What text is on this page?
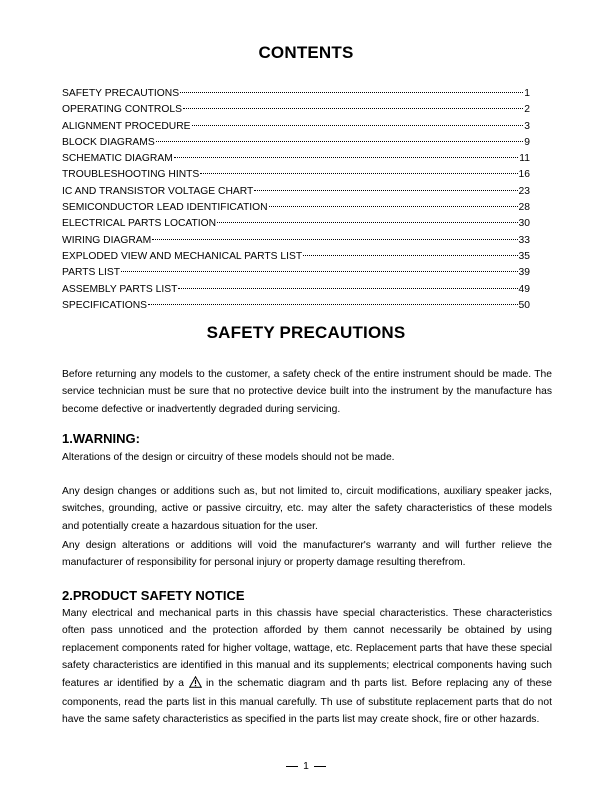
CONTENTS
SAFETY PRECAUTIONS	1
OPERATING CONTROLS	2
ALIGNMENT PROCEDURE	3
BLOCK DIAGRAMS	9
SCHEMATIC DIAGRAM	11
TROUBLESHOOTING HINTS	16
IC AND TRANSISTOR VOLTAGE CHART	23
SEMICONDUCTOR LEAD IDENTIFICATION	28
ELECTRICAL PARTS LOCATION	30
WIRING DIAGRAM	33
EXPLODED VIEW AND MECHANICAL PARTS LIST	35
PARTS LIST	39
ASSEMBLY PARTS LIST	49
SPECIFICATIONS	50
SAFETY PRECAUTIONS

Before returning any models to the customer, a safety check of the entire instrument should be made. The service technician must be sure that no protective device built into the instrument by the manufacture has become defective or inadvertently degraded during servicing.

1.WARNING:

Alterations of the design or circuitry of these models should not be made.

Any design changes or additions such as, but not limited to, circuit modifications, auxiliary speaker jacks, switches, grounding, active or passive circuitry, etc. may alter the safety characteristics of these models and potentially create a hazardous situation for the user.

Any design alterations or additions will void the manufacturer's warranty and will further relieve the manufacturer of responsibility for personal injury or property damage resulting therefrom.

2.PRODUCT SAFETY NOTICE

Many electrical and mechanical parts in this chassis have special characteristics. These characteristics often pass unnoticed and the protection afforded by them cannot necessarily be obtained by using replacement components rated for higher voltage, wattage, etc. Replacement parts that have these special safety characteristics are identified in this manual and its supplements; electrical components having such features ar identified by a in the schematic diagram and th parts list. Before replacing any of these components, read the parts list in this manual carefully. Th use of substitute replacement parts that do not have the same safety characteristics as specified in the parts list may create shock, fire or other hazards.

1
